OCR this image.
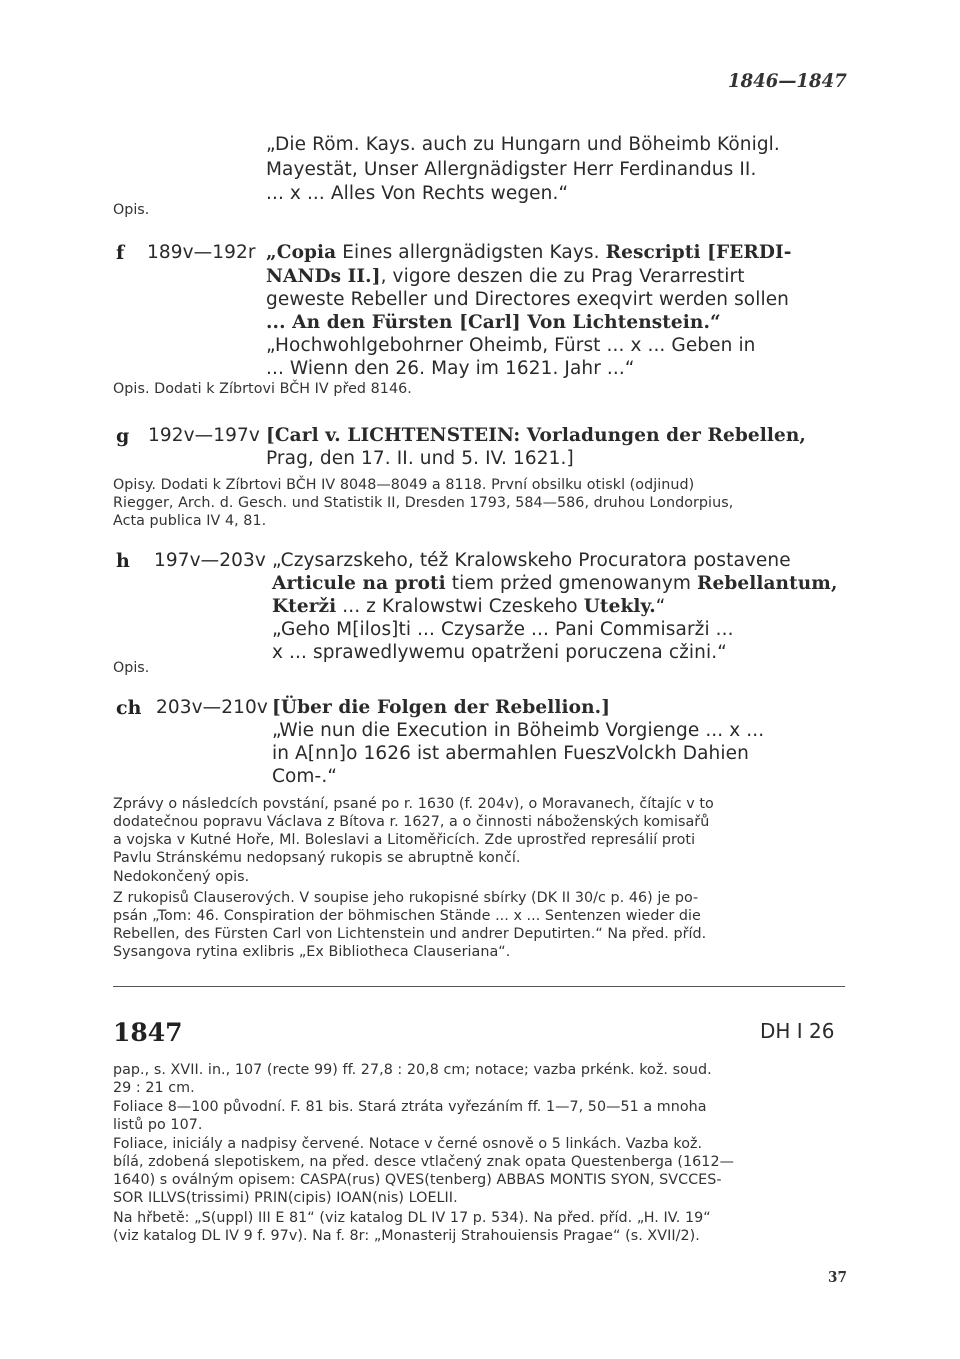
1846—1847
„Die Röm. Kays. auch zu Hungarn und Böheimb Königl.
Mayestät, Unser Allergnädigster Herr Ferdinandus II.
... x ... Alles Von Rechts wegen.“
Opis.
f 189v—192r „Copia Eines allergnädigsten Kays. Rescripti [FERDI-
NANDs II.], vigore deszen die zu Prag Verarrestirt
geweste Rebeller und Directores exeqvirt werden sollen
... An den Fürsten [Carl] Von Lichtenstein.“
„Hochwohlgebohrner Oheimb, Fürst ... x ... Geben in
... Wienn den 26. May im 1621. Jahr ...“
Opis. Dodati k Zíbrtovi BČH IV před 8146.
g 192v—197v [Carl v. LICHTENSTEIN: Vorladungen der Rebellen,
Prag, den 17. II. und 5. IV. 1621.]
Opisy. Dodati k Zíbrtovi BČH IV 8048—8049 a 8118. První obsilku otiskl (odjinud)
Riegger, Arch. d. Gesch. und Statistik II, Dresden 1793, 584—586, druhou Londorpius,
Acta publica IV 4, 81.
h 197v—203v „Czysarzskeho, též Kralowskeho Procuratora postavene
Articule na proti tiem prżed gmenowanym Rebellantum,
Kterži ... z Kralowstwi Czeskeho Utekly.“
„Geho M[ilos]ti ... Czysarže ... Pani Commisarži ...
x ... sprawedlywemu opatrženi poruczena cžini.“
Opis.
ch 203v—210v [Über die Folgen der Rebellion.]
„Wie nun die Execution in Böheimb Vorgienge ... x ...
in A[nn]o 1626 ist abermahlen FueszVolckh Dahien
Com-.“
Zprávy o následcích povstání, psané po r. 1630 (f. 204v), o Moravanech, čítajíc v to
dodatečnou popravu Václava z Bítova r. 1627, a o činnosti náboženských komisařů
a vojska v Kutné Hoře, Ml. Boleslavi a Litoměřicích. Zde uprostřed represálií proti
Pavlu Stránskému nedopsaný rukopis se abruptně končí.
Nedokončený opis.
Z rukopisů Clauserových. V soupise jeho rukopisné sbírky (DK II 30/c p. 46) je po-
psán „Tom: 46. Conspiration der böhmischen Stände ... x ... Sentenzen wieder die
Rebellen, des Fürsten Carl von Lichtenstein und andrer Deputirten.“ Na před. příd.
Sysangova rytina exlibris „Ex Bibliotheca Clauseriana“.
1847	DH I 26
pap., s. XVII. in., 107 (recte 99) ff. 27,8 : 20,8 cm; notace; vazba prkénk. kož. soud.
29 : 21 cm.
Foliace 8—100 původní. F. 81 bis. Stará ztráta vyřezáním ff. 1—7, 50—51 a mnoha
listů po 107.
Foliace, iniciály a nadpisy červené. Notace v černé osnově o 5 linkách. Vazba kož.
bílá, zdobená slepotiskem, na před. desce vtlačený znak opata Questenberga (1612—
1640) s oválným opisem: CASPA(rus) QVES(tenberg) ABBAS MONTIS SYON, SVCCES-
SOR ILLVS(trissimi) PRIN(cipis) IOAN(nis) LOELII.
Na hřbetě: „S(uppl) III E 81“ (viz katalog DL IV 17 p. 534). Na před. příd. „H. IV. 19“
(viz katalog DL IV 9 f. 97v). Na f. 8r: „Monasterij Strahouiensis Pragae“ (s. XVII/2).
37
